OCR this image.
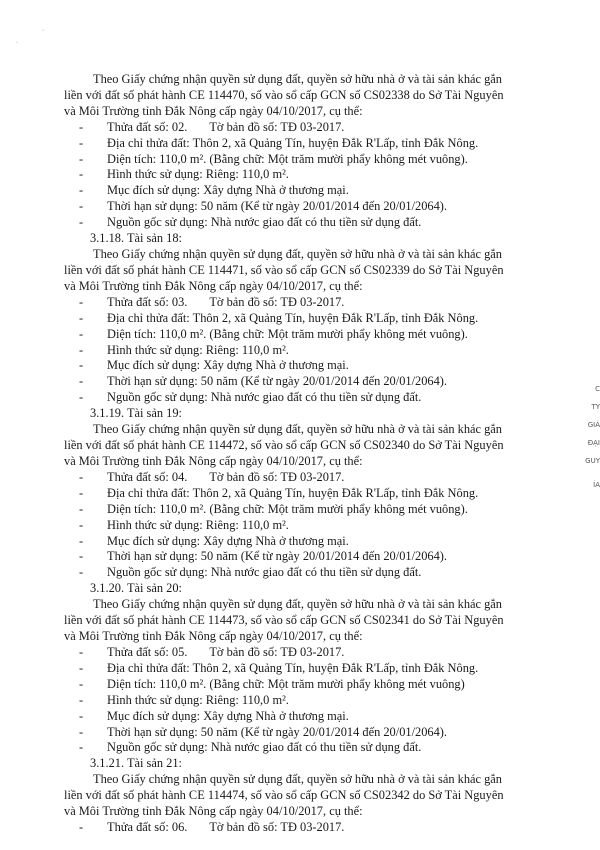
Theo Giấy chứng nhận quyền sử dụng đất, quyền sở hữu nhà ở và tài sản khác gắn
liền với đất số phát hành CE 114470, số vào sổ cấp GCN số CS02338 do Sở Tài Nguyên
và Môi Trường tỉnh Đắk Nông cấp ngày 04/10/2017, cụ thể:
- Thửa đất số: 02. Tờ bản đồ số: TĐ 03-2017.
- Địa chỉ thửa đất: Thôn 2, xã Quảng Tín, huyện Đắk R'Lấp, tỉnh Đắk Nông.
- Diện tích: 110,0 m². (Bằng chữ: Một trăm mười phẩy không mét vuông).
- Hình thức sử dụng: Riêng: 110,0 m².
- Mục đích sử dụng: Xây dựng Nhà ở thương mại.
- Thời hạn sử dụng: 50 năm (Kể từ ngày 20/01/2014 đến 20/01/2064).
- Nguồn gốc sử dụng: Nhà nước giao đất có thu tiền sử dụng đất.
3.1.18. Tài sản 18:
Theo Giấy chứng nhận quyền sử dụng đất, quyền sở hữu nhà ở và tài sản khác gắn
liền với đất số phát hành CE 114471, số vào sổ cấp GCN số CS02339 do Sở Tài Nguyên
và Môi Trường tỉnh Đắk Nông cấp ngày 04/10/2017, cụ thể:
- Thửa đất số: 03. Tờ bản đồ số: TĐ 03-2017.
- Địa chỉ thửa đất: Thôn 2, xã Quảng Tín, huyện Đắk R'Lấp, tỉnh Đắk Nông.
- Diện tích: 110,0 m². (Bằng chữ: Một trăm mười phẩy không mét vuông).
- Hình thức sử dụng: Riêng: 110,0 m².
- Mục đích sử dụng: Xây dựng Nhà ở thương mại.
- Thời hạn sử dụng: 50 năm (Kể từ ngày 20/01/2014 đến 20/01/2064).
- Nguồn gốc sử dụng: Nhà nước giao đất có thu tiền sử dụng đất.
3.1.19. Tài sản 19:
Theo Giấy chứng nhận quyền sử dụng đất, quyền sở hữu nhà ở và tài sản khác gắn
liền với đất số phát hành CE 114472, số vào sổ cấp GCN số CS02340 do Sở Tài Nguyên
và Môi Trường tỉnh Đắk Nông cấp ngày 04/10/2017, cụ thể:
- Thửa đất số: 04. Tờ bản đồ số: TĐ 03-2017.
- Địa chỉ thửa đất: Thôn 2, xã Quảng Tín, huyện Đắk R'Lấp, tỉnh Đắk Nông.
- Diện tích: 110,0 m². (Bằng chữ: Một trăm mười phẩy không mét vuông).
- Hình thức sử dụng: Riêng: 110,0 m².
- Mục đích sử dụng: Xây dựng Nhà ở thương mại.
- Thời hạn sử dụng: 50 năm (Kể từ ngày 20/01/2014 đến 20/01/2064).
- Nguồn gốc sử dụng: Nhà nước giao đất có thu tiền sử dụng đất.
3.1.20. Tài sản 20:
Theo Giấy chứng nhận quyền sử dụng đất, quyền sở hữu nhà ở và tài sản khác gắn
liền với đất số phát hành CE 114473, số vào sổ cấp GCN số CS02341 do Sở Tài Nguyên
và Môi Trường tỉnh Đắk Nông cấp ngày 04/10/2017, cụ thể:
- Thửa đất số: 05. Tờ bản đồ số: TĐ 03-2017.
- Địa chỉ thửa đất: Thôn 2, xã Quảng Tín, huyện Đắk R'Lấp, tỉnh Đắk Nông.
- Diện tích: 110,0 m². (Bằng chữ: Một trăm mười phẩy không mét vuông)
- Hình thức sử dụng: Riêng: 110,0 m².
- Mục đích sử dụng: Xây dựng Nhà ở thương mại.
- Thời hạn sử dụng: 50 năm (Kể từ ngày 20/01/2014 đến 20/01/2064).
- Nguồn gốc sử dụng: Nhà nước giao đất có thu tiền sử dụng đất.
3.1.21. Tài sản 21:
Theo Giấy chứng nhận quyền sử dụng đất, quyền sở hữu nhà ở và tài sản khác gắn
liền với đất số phát hành CE 114474, số vào sổ cấp GCN số CS02342 do Sở Tài Nguyên
và Môi Trường tỉnh Đắk Nông cấp ngày 04/10/2017, cụ thể:
- Thửa đất số: 06. Tờ bản đồ số: TĐ 03-2017.
C
TY
GIÁ
ĐẠI
GUY
ÍA
·
·
